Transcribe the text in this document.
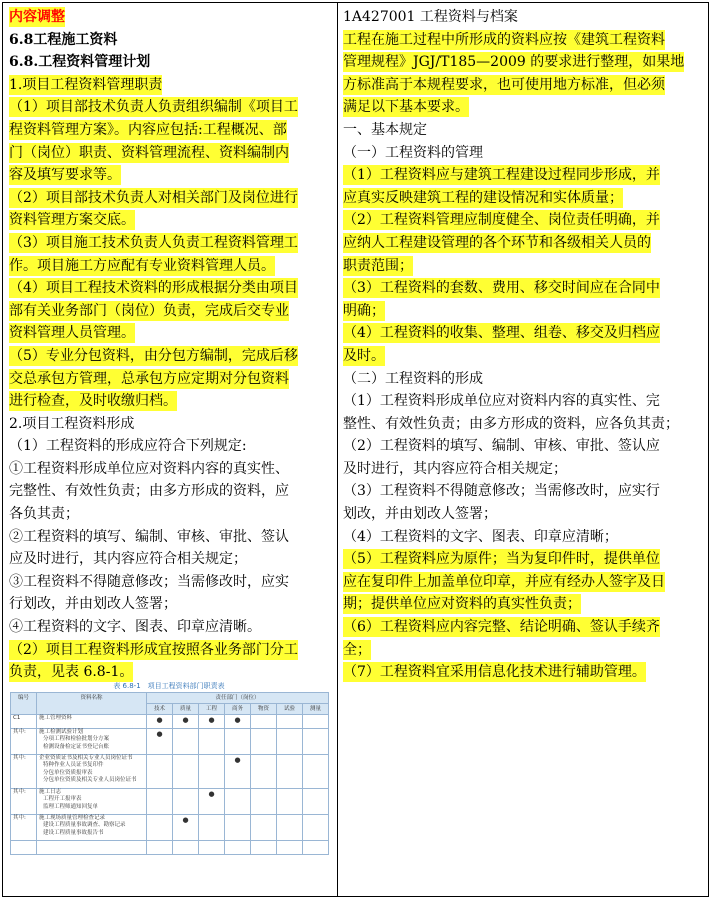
内容调整
6.8工程施工资料
6.8.工程资料管理计划
1.项目工程资料管理职责
（1）项目部技术负责人负责组织编制《项目工
程资料管理方案》。内容应包括:工程概况、部
门（岗位）职责、资料管理流程、资料编制内
容及填写要求等。
（2）项目部技术负责人对相关部门及岗位进行
资料管理方案交底。
（3）项目施工技术负责人负责工程资料管理工
作。项目施工方应配有专业资料管理人员。
（4）项目工程技术资料的形成根据分类由项目
部有关业务部门（岗位）负责，完成后交专业
资料管理人员管理。
（5）专业分包资料，由分包方编制，完成后移
交总承包方管理，总承包方应定期对分包资料
进行检查，及时收缴归档。
2.项目工程资料形成
（1）工程资料的形成应符合下列规定:
①工程资料形成单位应对资料内容的真实性、
完整性、有效性负责；由多方形成的资料，应
各负其责；
②工程资料的填写、编制、审核、审批、签认
应及时进行，其内容应符合相关规定；
③工程资料不得随意修改；当需修改时，应实
行划改，并由划改人签署；
④工程资料的文字、图表、印章应清晰。
（2）项目工程资料形成宜按照各业务部门分工
负责，见表 6.8-1。
1A427001 工程资料与档案
工程在施工过程中所形成的资料应按《建筑工程资料
管理规程》JGJ/T185—2009 的要求进行整理，如果地
方标准高于本规程要求，也可使用地方标准，但必须
满足以下基本要求。
一、基本规定
（一）工程资料的管理
（1）工程资料应与建筑工程建设过程同步形成，并
应真实反映建筑工程的建设情况和实体质量；
（2）工程资料管理应制度健全、岗位责任明确，并
应纳人工程建设管理的各个环节和各级相关人员的
职责范围；
（3）工程资料的套数、费用、移交时间应在合同中
明确；
（4）工程资料的收集、整理、组卷、移交及归档应
及时。
（二）工程资料的形成
（1）工程资料形成单位应对资料内容的真实性、完
整性、有效性负责；由多方形成的资料，应各负其责；
（2）工程资料的填写、编制、审核、审批、签认应
及时进行，其内容应符合相关规定；
（3）工程资料不得随意修改；当需修改时，应实行
划改，并由划改人签署；
（4）工程资料的文字、图表、印章应清晰；
（5）工程资料应为原件；当为复印件时，提供单位
应在复印件上加盖单位印章，并应有经办人签字及日
期；提供单位应对资料的真实性负责；
（6）工程资料应内容完整、结论明确、签认手续齐
全；
（7）工程资料宜采用信息化技术进行辅助管理。
表 6.8-1　项目工程资料部门职责表
编号	资料名称	责任部门（岗位）						
		技术	质量	工程	商务	物资	试验	测量
C1	施工管理资料	●	●	●	●			
其中:	施工检测试验计划
分项工程和检验批划分方案
检测设备检定证书登记台账	●						
其中:	企业资质证书及相关专业人员岗位证书
特种作业人员证书复印件
分包单位资质报审表
分包单位资质及相关专业人员岗位证书				●			
其中:	施工日志
工程开工报审表
监理工程师通知回复单			●				
其中:	施工现场质量管理检查记录
建设工程质量事故调查、勘察记录
建设工程质量事故报告书		●					
